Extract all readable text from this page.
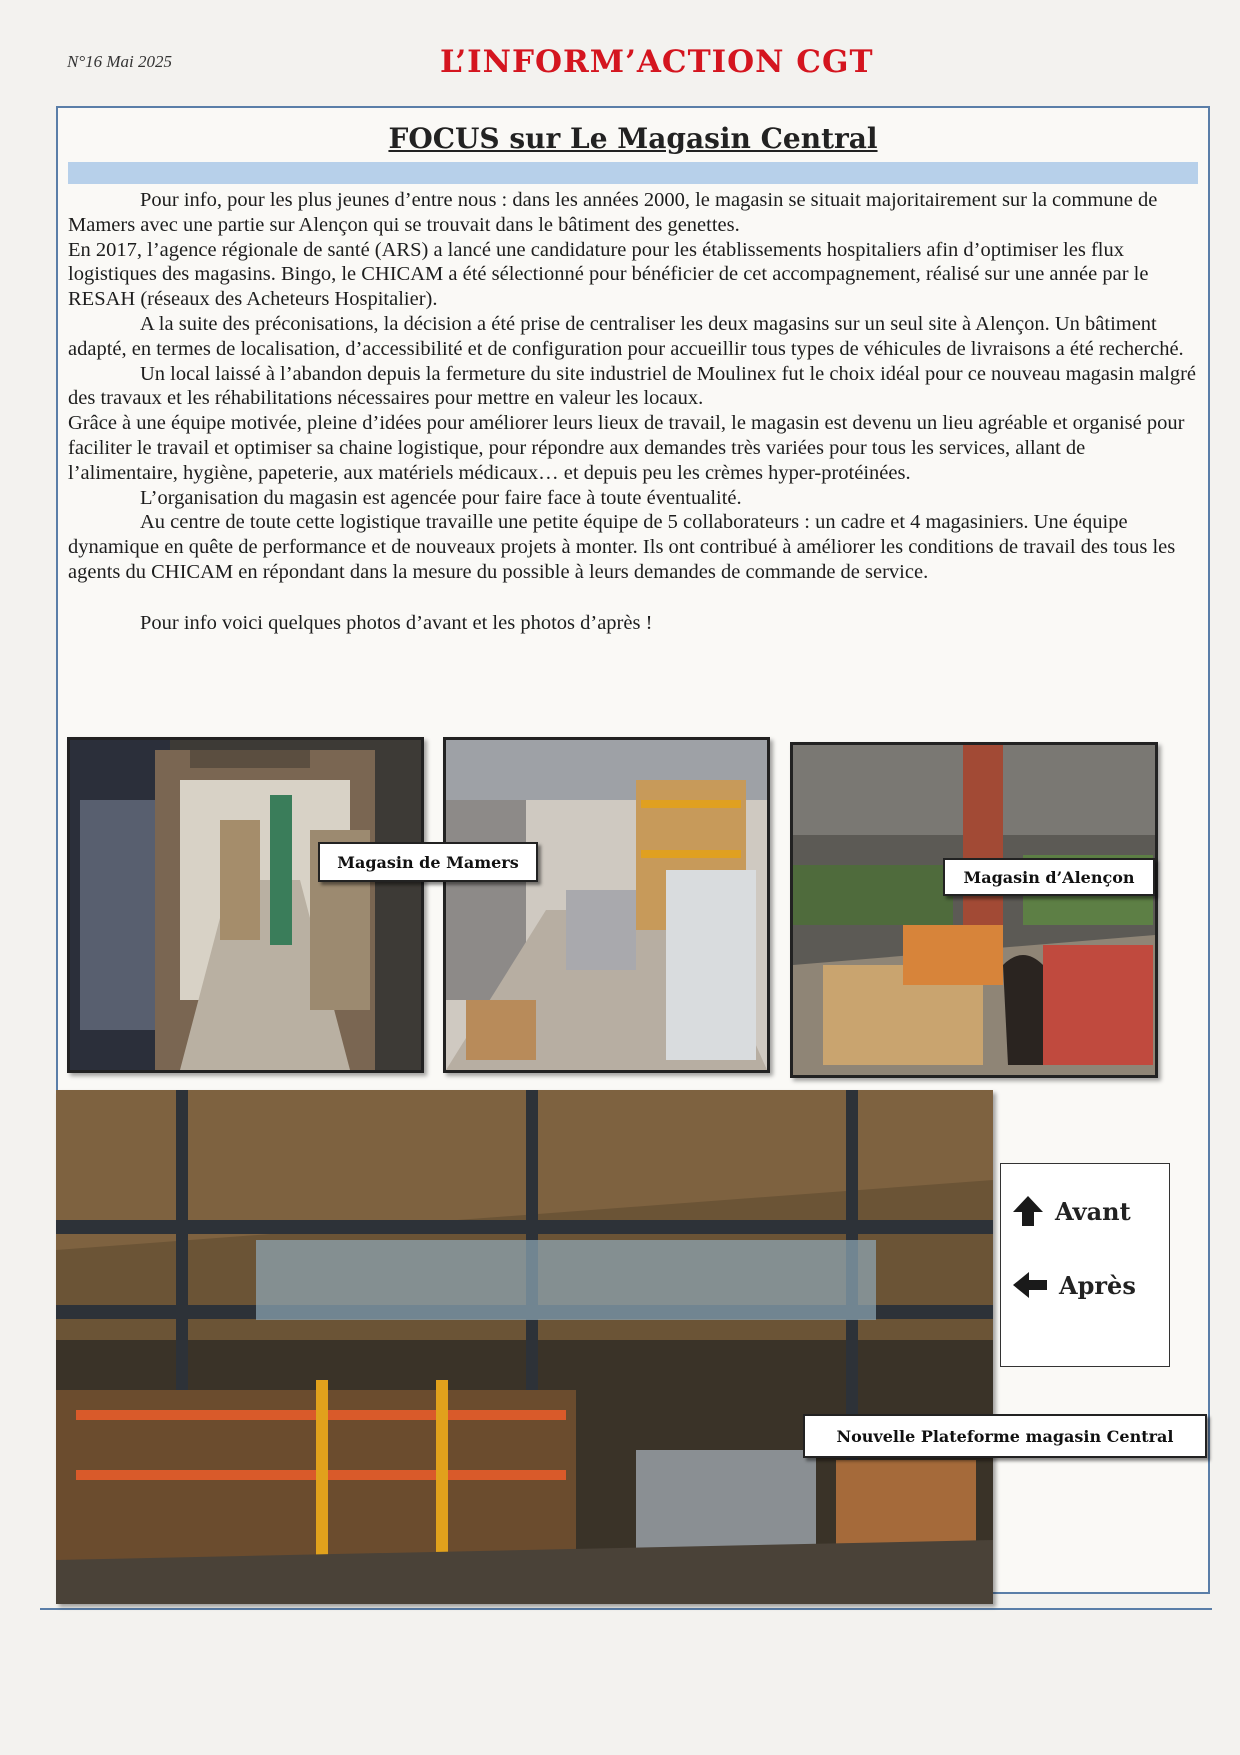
N°16 Mai 2025	L’INFORM’ACTION CGT
FOCUS sur Le Magasin Central

Pour info, pour les plus jeunes d’entre nous : dans les années 2000, le magasin se situait majoritairement sur la commune de Mamers avec une partie sur Alençon qui se trouvait dans le bâtiment des genettes.

En 2017, l’agence régionale de santé (ARS) a lancé une candidature pour les établissements hospitaliers afin d’optimiser les flux logistiques des magasins. Bingo, le CHICAM a été sélectionné pour bénéficier de cet accompagnement, réalisé sur une année par le RESAH (réseaux des Acheteurs Hospitalier).

A la suite des préconisations, la décision a été prise de centraliser les deux magasins sur un seul site à Alençon. Un bâtiment adapté, en termes de localisation, d’accessibilité et de configuration pour accueillir tous types de véhicules de livraisons a été recherché.

Un local laissé à l’abandon depuis la fermeture du site industriel de Moulinex fut le choix idéal pour ce nouveau magasin malgré des travaux et les réhabilitations nécessaires pour mettre en valeur les locaux.

Grâce à une équipe motivée, pleine d’idées pour améliorer leurs lieux de travail, le magasin est devenu un lieu agréable et organisé pour faciliter le travail et optimiser sa chaine logistique, pour répondre aux demandes très variées pour tous les services, allant de l’alimentaire, hygiène, papeterie, aux matériels médicaux… et depuis peu les crèmes hyper-protéinées.

L’organisation du magasin est agencée pour faire face à toute éventualité.

Au centre de toute cette logistique travaille une petite équipe de 5 collaborateurs : un cadre et 4 magasiniers. Une équipe dynamique en quête de performance et de nouveaux projets à monter. Ils ont contribué à améliorer les conditions de travail des tous les agents du CHICAM en répondant dans la mesure du possible à leurs demandes de commande de service.

Pour info voici quelques photos d’avant et les photos d’après !

Magasin de Mamers
Magasin d’Alençon
Nouvelle Plateforme magasin Central
Avant
Après
